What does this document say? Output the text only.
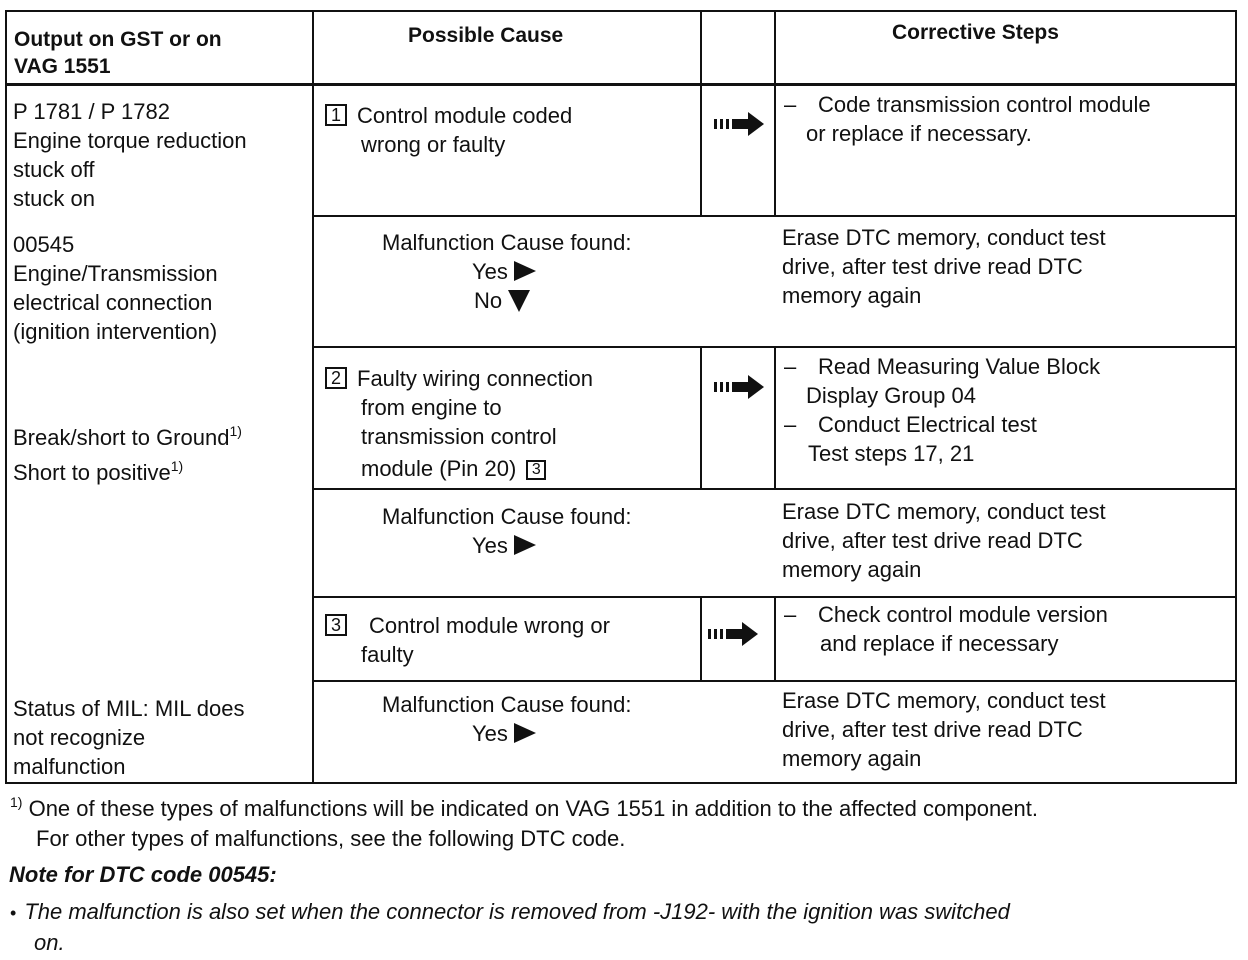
Output on GST or on
VAG 1551
Possible Cause	Corrective Steps
P 1781 / P 1782
Engine torque reduction
stuck off
stuck on
00545
Engine/Transmission
electrical connection
(ignition intervention)
Break/short to Ground$^{1)}$
Short to positive$^{1)}$
Status of MIL: MIL does
not recognize
malfunction
1 Control module coded
wrong or faulty
– Code transmission control module
or replace if necessary.
Malfunction Cause found:
Yes
No
Erase DTC memory, conduct test
drive, after test drive read DTC
memory again
2 Faulty wiring connection
from engine to
transmission control
module (Pin 20) 3
– Read Measuring Value Block
Display Group 04
– Conduct Electrical test
Test steps 17, 21
Malfunction Cause found:
Yes
Erase DTC memory, conduct test
drive, after test drive read DTC
memory again
3 Control module wrong or
faulty
– Check control module version
and replace if necessary
Malfunction Cause found:
Yes
Erase DTC memory, conduct test
drive, after test drive read DTC
memory again
$^{1)}$ One of these types of malfunctions will be indicated on VAG 1551 in addition to the affected component.
For other types of malfunctions, see the following DTC code.
Note for DTC code 00545:
• The malfunction is also set when the connector is removed from -J192- with the ignition was switched
on.
